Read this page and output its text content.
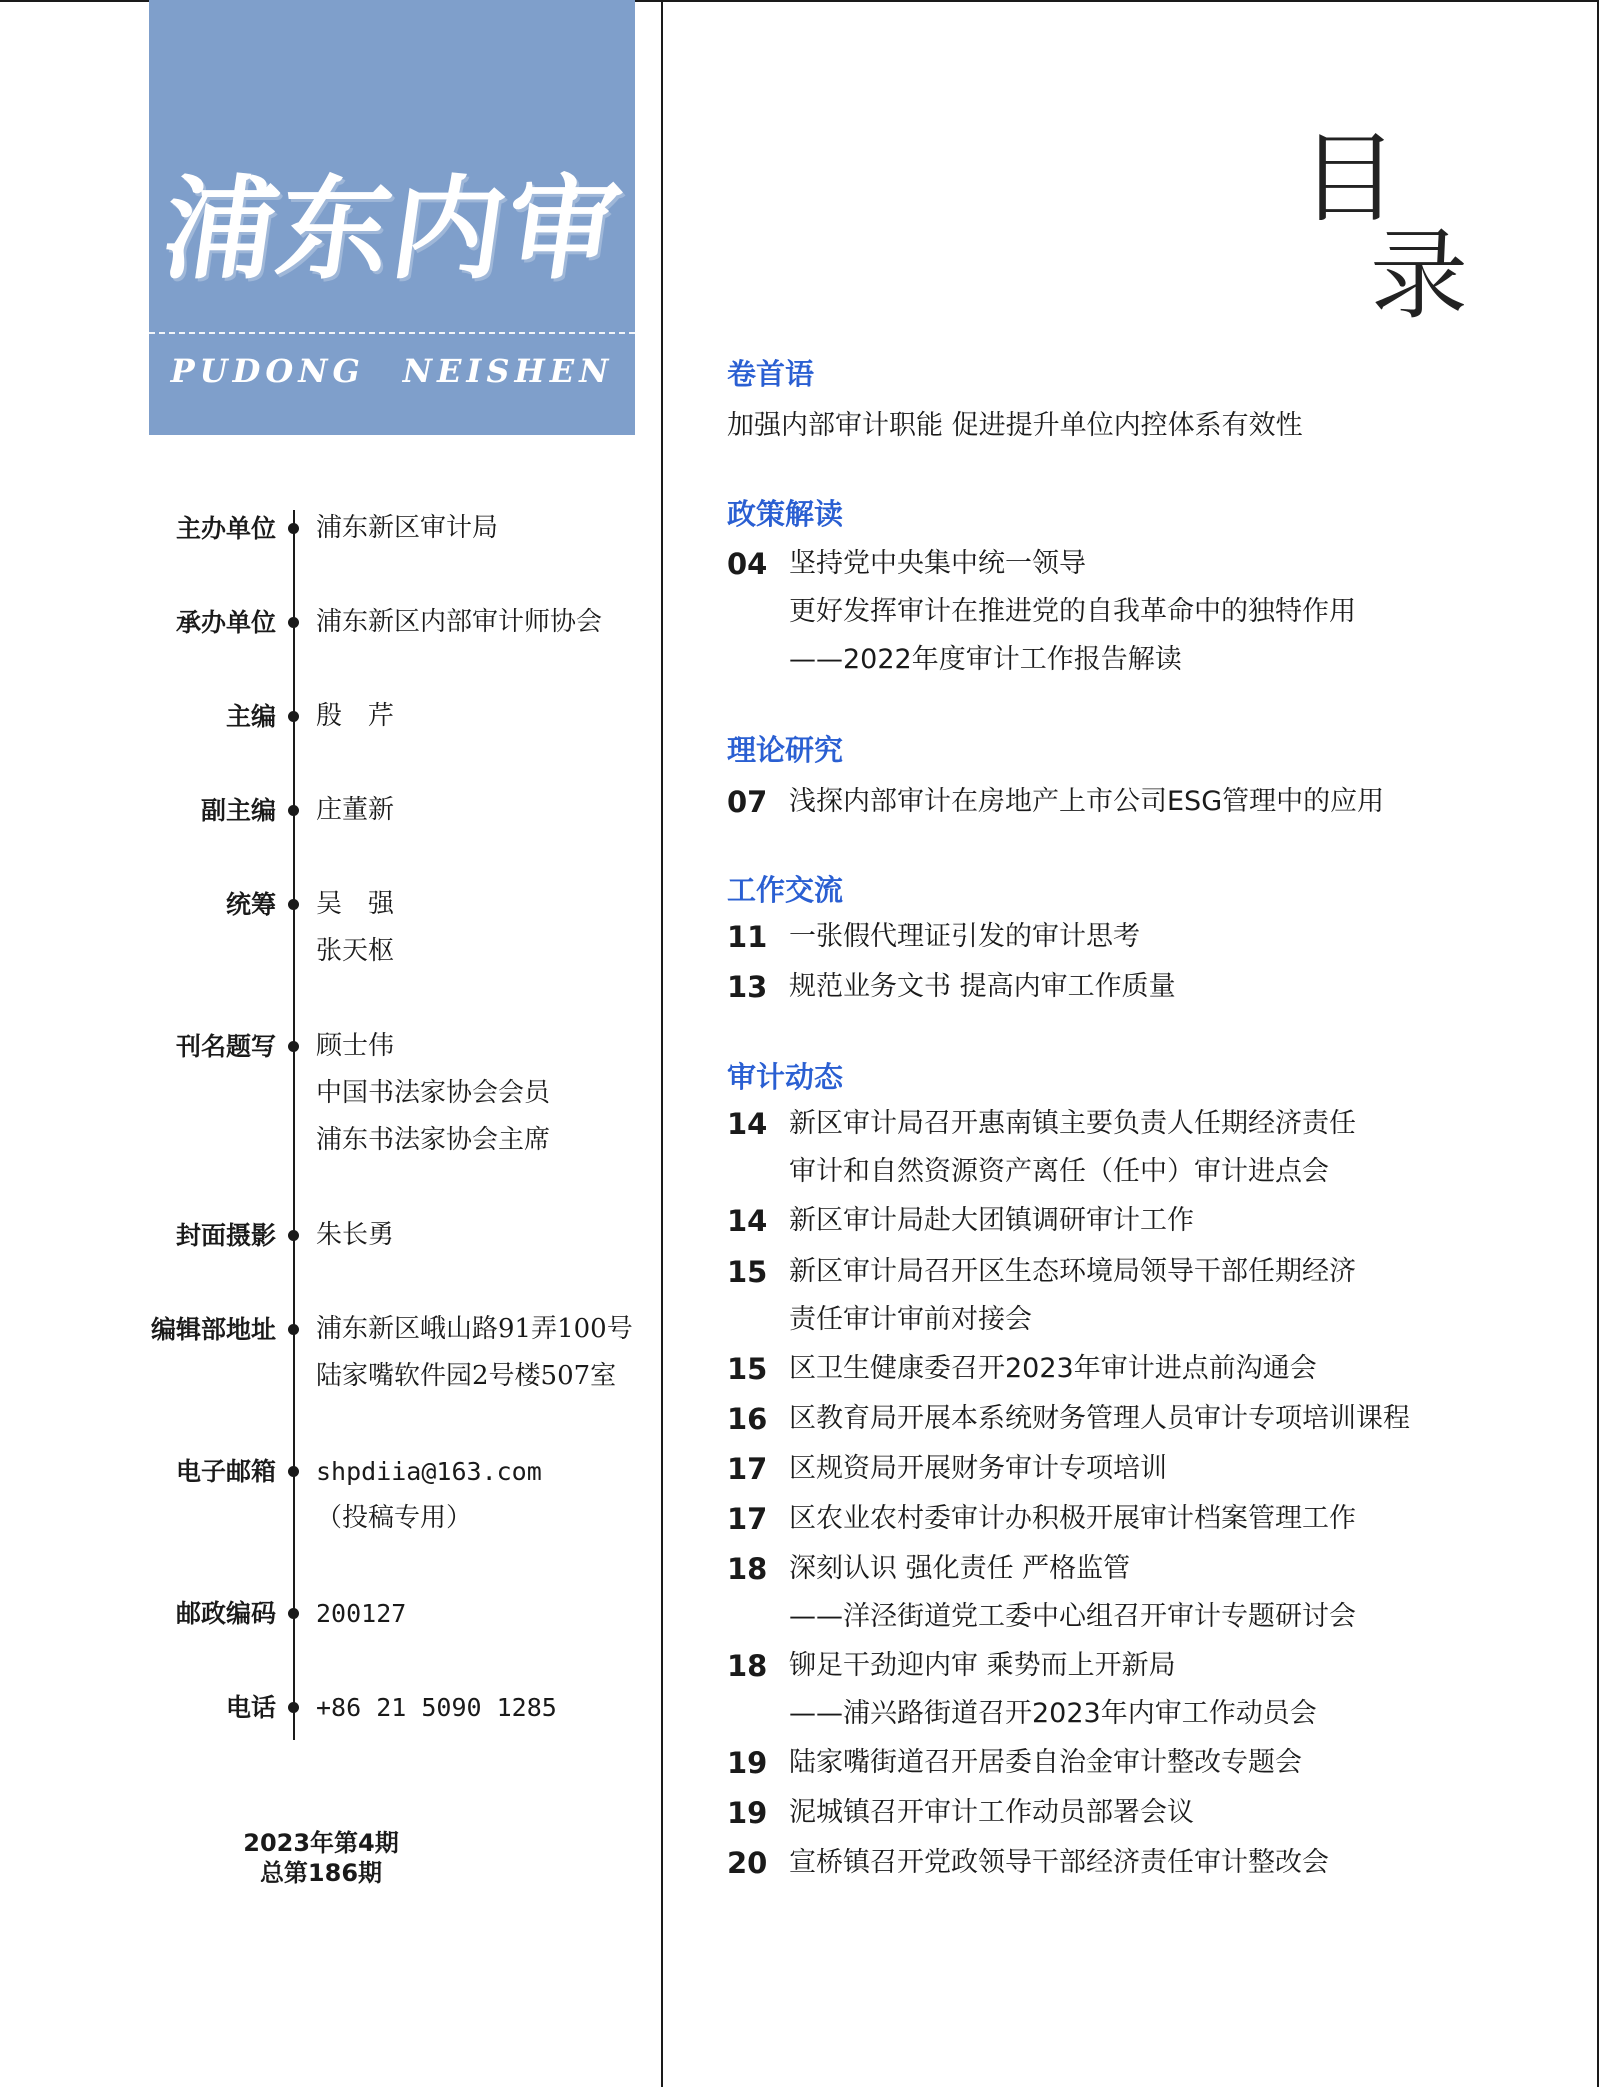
浦东内审
PUDONG NEISHEN
目
录
主办单位 浦东新区审计局
承办单位 浦东新区内部审计师协会
主编 殷　芹
副主编 庄董新
统筹 吴　强
张天枢
刊名题写 顾士伟
中国书法家协会会员
浦东书法家协会主席
封面摄影 朱长勇
编辑部地址 浦东新区峨山路91弄100号
陆家嘴软件园2号楼507室
电子邮箱 shpdiia@163.com
（投稿专用）
邮政编码 200127
电话 +86 21 5090 1285
2023年第4期
总第186期
卷首语
加强内部审计职能 促进提升单位内控体系有效性
政策解读
04 坚持党中央集中统一领导
更好发挥审计在推进党的自我革命中的独特作用
——2022年度审计工作报告解读
理论研究
07 浅探内部审计在房地产上市公司ESG管理中的应用
工作交流
11 一张假代理证引发的审计思考
13 规范业务文书 提高内审工作质量
审计动态
14 新区审计局召开惠南镇主要负责人任期经济责任
审计和自然资源资产离任（任中）审计进点会
14 新区审计局赴大团镇调研审计工作
15 新区审计局召开区生态环境局领导干部任期经济
责任审计审前对接会
15 区卫生健康委召开2023年审计进点前沟通会
16 区教育局开展本系统财务管理人员审计专项培训课程
17 区规资局开展财务审计专项培训
17 区农业农村委审计办积极开展审计档案管理工作
18 深刻认识 强化责任 严格监管
——洋泾街道党工委中心组召开审计专题研讨会
18 铆足干劲迎内审 乘势而上开新局
——浦兴路街道召开2023年内审工作动员会
19 陆家嘴街道召开居委自治金审计整改专题会
19 泥城镇召开审计工作动员部署会议
20 宣桥镇召开党政领导干部经济责任审计整改会
